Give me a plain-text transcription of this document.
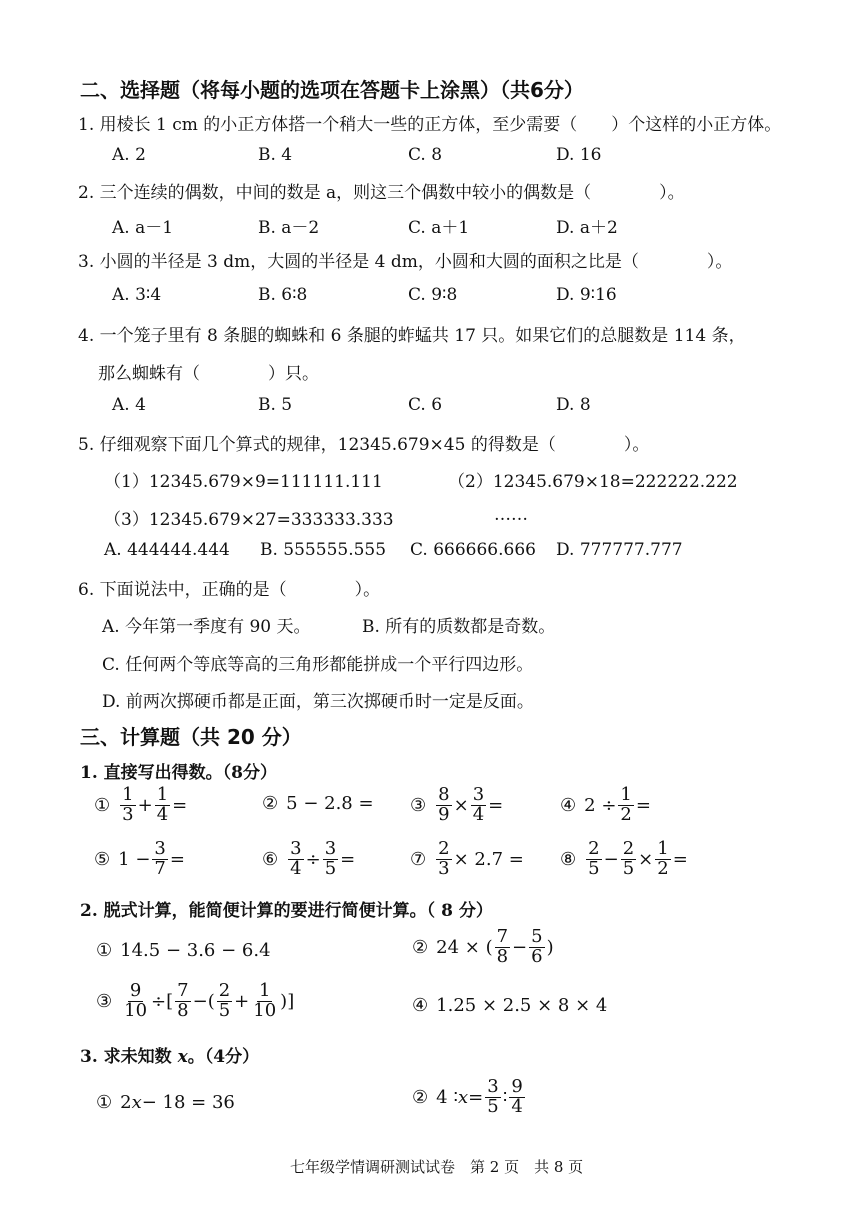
二、选择题（将每小题的选项在答题卡上涂黑）（共6分）
1. 用棱长 1 cm 的小正方体搭一个稍大一些的正方体，至少需要（　　）个这样的小正方体。
A. 2	B. 4	C. 8	D. 16
2. 三个连续的偶数，中间的数是 a，则这三个偶数中较小的偶数是（　　　　）。
A. a－1	B. a－2	C. a＋1	D. a＋2
3. 小圆的半径是 3 dm，大圆的半径是 4 dm，小圆和大圆的面积之比是（　　　　）。
A. 3∶4	B. 6∶8	C. 9∶8	D. 9∶16
4. 一个笼子里有 8 条腿的蜘蛛和 6 条腿的蚱蜢共 17 只。如果它们的总腿数是 114 条，
那么蜘蛛有（　　　　）只。
A. 4	B. 5	C. 6	D. 8
5. 仔细观察下面几个算式的规律，12345.679×45 的得数是（　　　　）。
（1）12345.679×9=111111.111	（2）12345.679×18=222222.222
（3）12345.679×27=333333.333	……
A. 444444.444 B. 555555.555 C. 666666.666 D. 777777.777
6. 下面说法中，正确的是（　　　　）。
A. 今年第一季度有 90 天。	B. 所有的质数都是奇数。
C. 任何两个等底等高的三角形都能拼成一个平行四边形。
D. 前两次掷硬币都是正面，第三次掷硬币时一定是反面。
三、计算题（共 20 分）
1. 直接写出得数。（8分）
① $\frac{1}{3} + \frac{1}{4}$ =	② 5 − 2.8 = ③ $\frac{8}{9} \times \frac{3}{4}$ =	④ $2 \div \frac{1}{2}$ =
⑤ $1 - \frac{3}{7}$ =	⑥ $\frac{3}{4} \div \frac{3}{5}$ =	⑦ $\frac{2}{3} \times 2.7$ = ⑧ $\frac{2}{5} - \frac{2}{5} \times \frac{1}{2}$ =
2. 脱式计算，能简便计算的要进行简便计算。（ 8 分）
① 14.5 − 3.6 − 6.4	② 24 × ( $\frac{7}{8} - \frac{5}{6}$ )
③ $\frac{9}{10}$ ÷[ $\frac{7}{8}$ −( $\frac{2}{5} + \frac{1}{10}$ )]	④ 1.25 × 2.5 × 8 × 4
3. 求未知数 x。（4分）
① 2 x − 18 = 36	② 4 ∶ $x = \frac{3}{5}$ ∶ $\frac{9}{4}$
七年级学情调研测试试卷　第 2 页　共 8 页
